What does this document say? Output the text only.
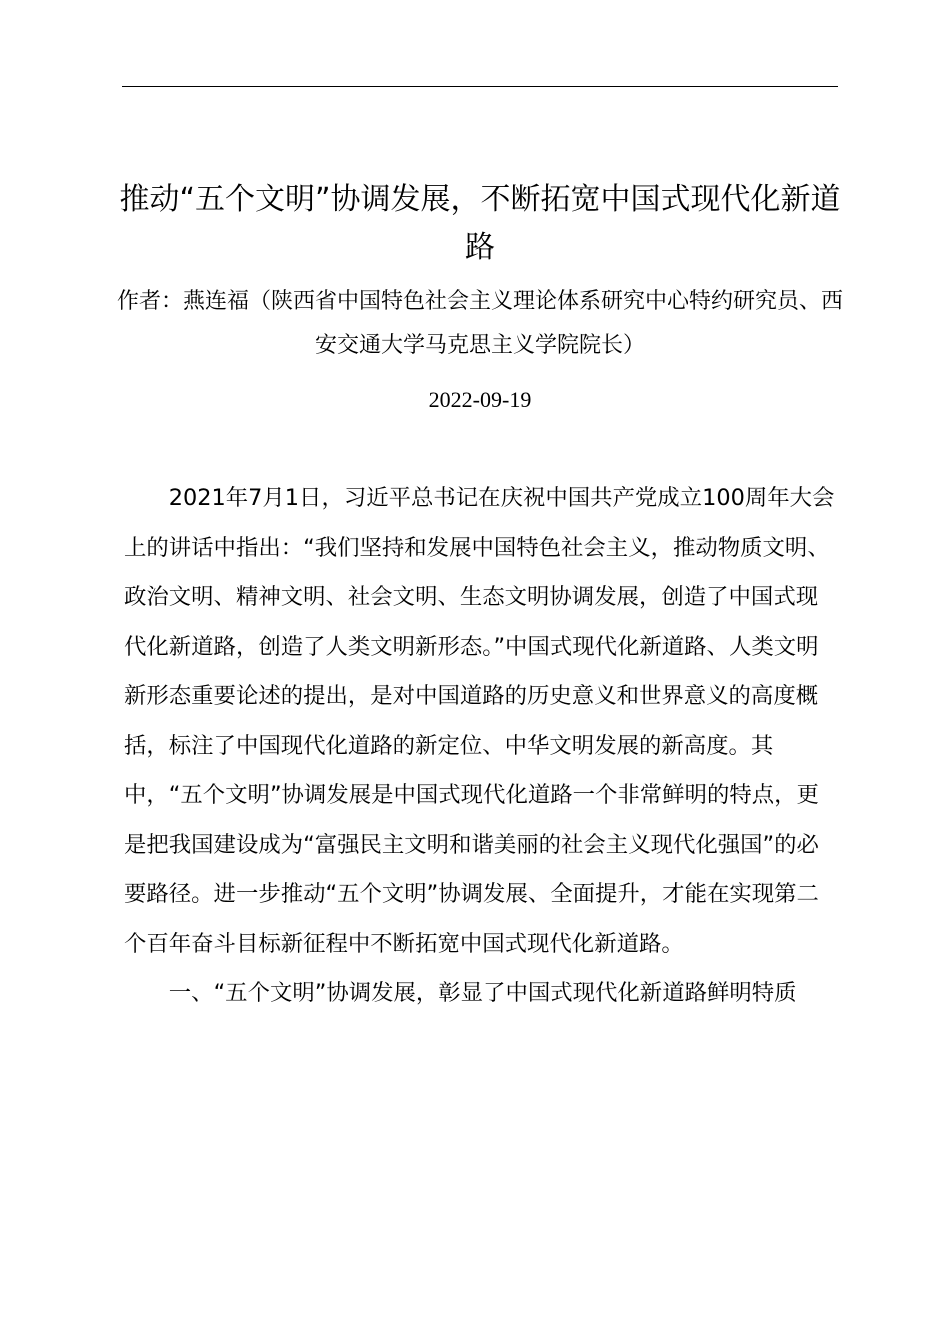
推动“五个文明”协调发展，不断拓宽中国式现代化新道路

作者：燕连福（陕西省中国特色社会主义理论体系研究中心特约研究员、西安交通大学马克思主义学院院长）

2022-09-19

2021年7月1日，习近平总书记在庆祝中国共产党成立100周年大会上的讲话中指出：“我们坚持和发展中国特色社会主义，推动物质文明、政治文明、精神文明、社会文明、生态文明协调发展，创造了中国式现代化新道路，创造了人类文明新形态。”中国式现代化新道路、人类文明新形态重要论述的提出，是对中国道路的历史意义和世界意义的高度概括，标注了中国现代化道路的新定位、中华文明发展的新高度。其中，“五个文明”协调发展是中国式现代化道路一个非常鲜明的特点，更是把我国建设成为“富强民主文明和谐美丽的社会主义现代化强国”的必要路径。进一步推动“五个文明”协调发展、全面提升，才能在实现第二个百年奋斗目标新征程中不断拓宽中国式现代化新道路。

一、“五个文明”协调发展，彰显了中国式现代化新道路鲜明特质
